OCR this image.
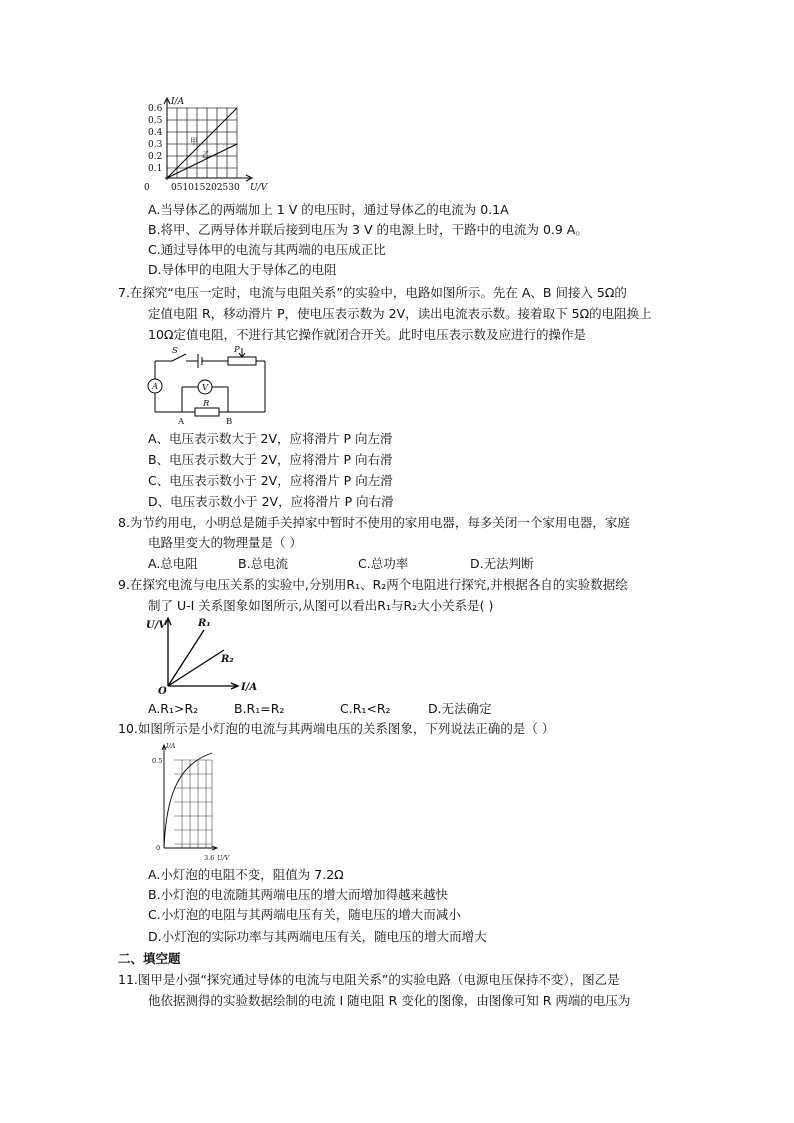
I/A
0.6
0.5
0.4
0.3
0.2
0.1
0 051015202530 U/V
甲
乙
A.当导体乙的两端加上 1 V 的电压时，通过导体乙的电流为 0.1A
B.将甲、乙两导体并联后接到电压为 3 V 的电源上时，干路中的电流为 0.9 A。
C.通过导体甲的电流与其两端的电压成正比
D.导体甲的电阻大于导体乙的电阻
7.在探究“电压一定时，电流与电阻关系”的实验中，电路如图所示。先在 A、B 间接入 5Ω的
定值电阻 R，移动滑片 P，使电压表示数为 2V，读出电流表示数。接着取下 5Ω的电阻换上
10Ω定值电阻，不进行其它操作就闭合开关。此时电压表示数及应进行的操作是
S	P
A	V
R
A	B
A、电压表示数大于 2V，应将滑片 P 向左滑
B、电压表示数大于 2V，应将滑片 P 向右滑
C、电压表示数小于 2V，应将滑片 P 向左滑
D、电压表示数小于 2V，应将滑片 P 向右滑
8.为节约用电，小明总是随手关掉家中暂时不使用的家用电器，每多关闭一个家用电器，家庭
电路里变大的物理量是（ ）
A.总电阻	B.总电流	C.总功率	D.无法判断
9.在探究电流与电压关系的实验中,分别用R₁、R₂两个电阻进行探究,并根据各自的实验数据绘
制了 U-I 关系图象如图所示,从图可以看出R₁与R₂大小关系是( )
U/V
O	I/A
R₁
R₂
A.R₁>R₂	B.R₁=R₂	C.R₁<R₂	D.无法确定
10.如图所示是小灯泡的电流与其两端电压的关系图象，下列说法正确的是（ ）
I/A
0.5
0
3.6 U/V
A.小灯泡的电阻不变，阻值为 7.2Ω
B.小灯泡的电流随其两端电压的增大而增加得越来越快
C.小灯泡的电阻与其两端电压有关，随电压的增大而减小
D.小灯泡的实际功率与其两端电压有关，随电压的增大而增大
二、填空题
11.图甲是小强“探究通过导体的电流与电阻关系”的实验电路（电源电压保持不变），图乙是
他依据测得的实验数据绘制的电流 I 随电阻 R 变化的图像，由图像可知 R 两端的电压为
